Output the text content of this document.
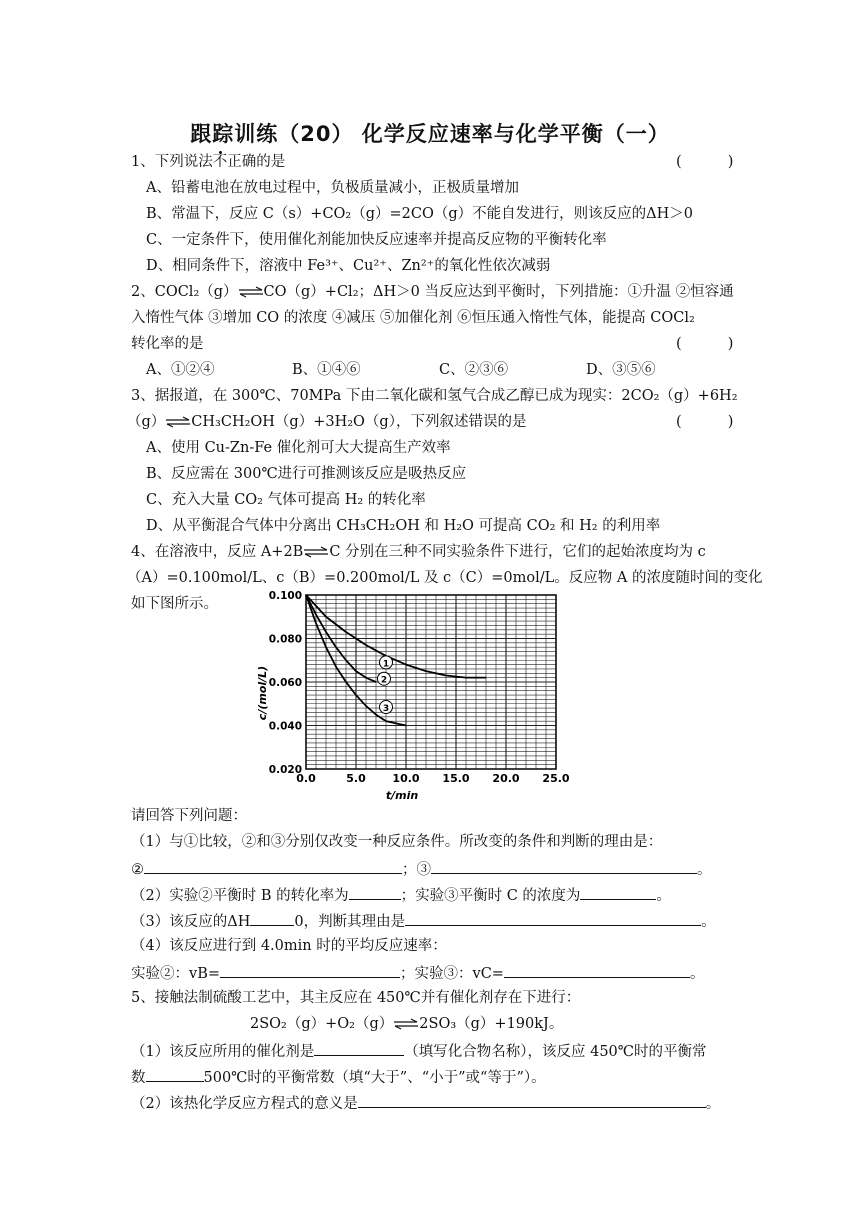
跟踪训练（20） 化学反应速率与化学平衡（一）
1、下列说法不正确的是	(          )
A、铅蓄电池在放电过程中，负极质量减小，正极质量增加
B、常温下，反应 C（s）+CO₂（g）=2CO（g）不能自发进行，则该反应的ΔH＞0
C、一定条件下，使用催化剂能加快反应速率并提高反应物的平衡转化率
D、相同条件下，溶液中 Fe³⁺、Cu²⁺、Zn²⁺的氧化性依次减弱
2、COCl₂（g）⇌CO（g）+Cl₂；ΔH＞0 当反应达到平衡时，下列措施：①升温 ②恒容通
入惰性气体 ③增加 CO 的浓度 ④减压 ⑤加催化剂 ⑥恒压通入惰性气体，能提高 COCl₂
转化率的是	(          )
A、①②④	B、①④⑥	C、②③⑥	D、③⑤⑥
3、据报道，在 300℃、70MPa 下由二氧化碳和氢气合成乙醇已成为现实：2CO₂（g）+6H₂
（g）⇌CH₃CH₂OH（g）+3H₂O（g），下列叙述错误的是	(          )
A、使用 Cu-Zn-Fe 催化剂可大大提高生产效率
B、反应需在 300℃进行可推测该反应是吸热反应
C、充入大量 CO₂ 气体可提高 H₂ 的转化率
D、从平衡混合气体中分离出 CH₃CH₂OH 和 H₂O 可提高 CO₂ 和 H₂ 的利用率
4、在溶液中，反应 A+2B⇌C 分别在三种不同实验条件下进行，它们的起始浓度均为 c
（A）=0.100mol/L、c（B）=0.200mol/L 及 c（C）=0mol/L。反应物 A 的浓度随时间的变化
如下图所示。
1
2
3
0.100
0.080
0.060
0.040
0.020
0.0	5.0 10.0 15.0 20.0 25.0
c/(mol/L)
t/min
请回答下列问题：
（1）与①比较，②和③分别仅改变一种反应条件。所改变的条件和判断的理由是：
②	；③	。
（2）实验②平衡时 B 的转化率为	；实验③平衡时 C 的浓度为	。
（3）该反应的ΔH	0，判断其理由是	。
（4）该反应进行到 4.0min 时的平均反应速率：
实验②：vB=	；实验③：vC=	。
5、接触法制硫酸工艺中，其主反应在 450℃并有催化剂存在下进行：
2SO₂（g）+O₂（g）⇌2SO₃（g）+190kJ。
（1）该反应所用的催化剂是	（填写化合物名称），该反应 450℃时的平衡常
数	500℃时的平衡常数（填“大于”、“小于”或“等于”）。
（2）该热化学反应方程式的意义是	。
